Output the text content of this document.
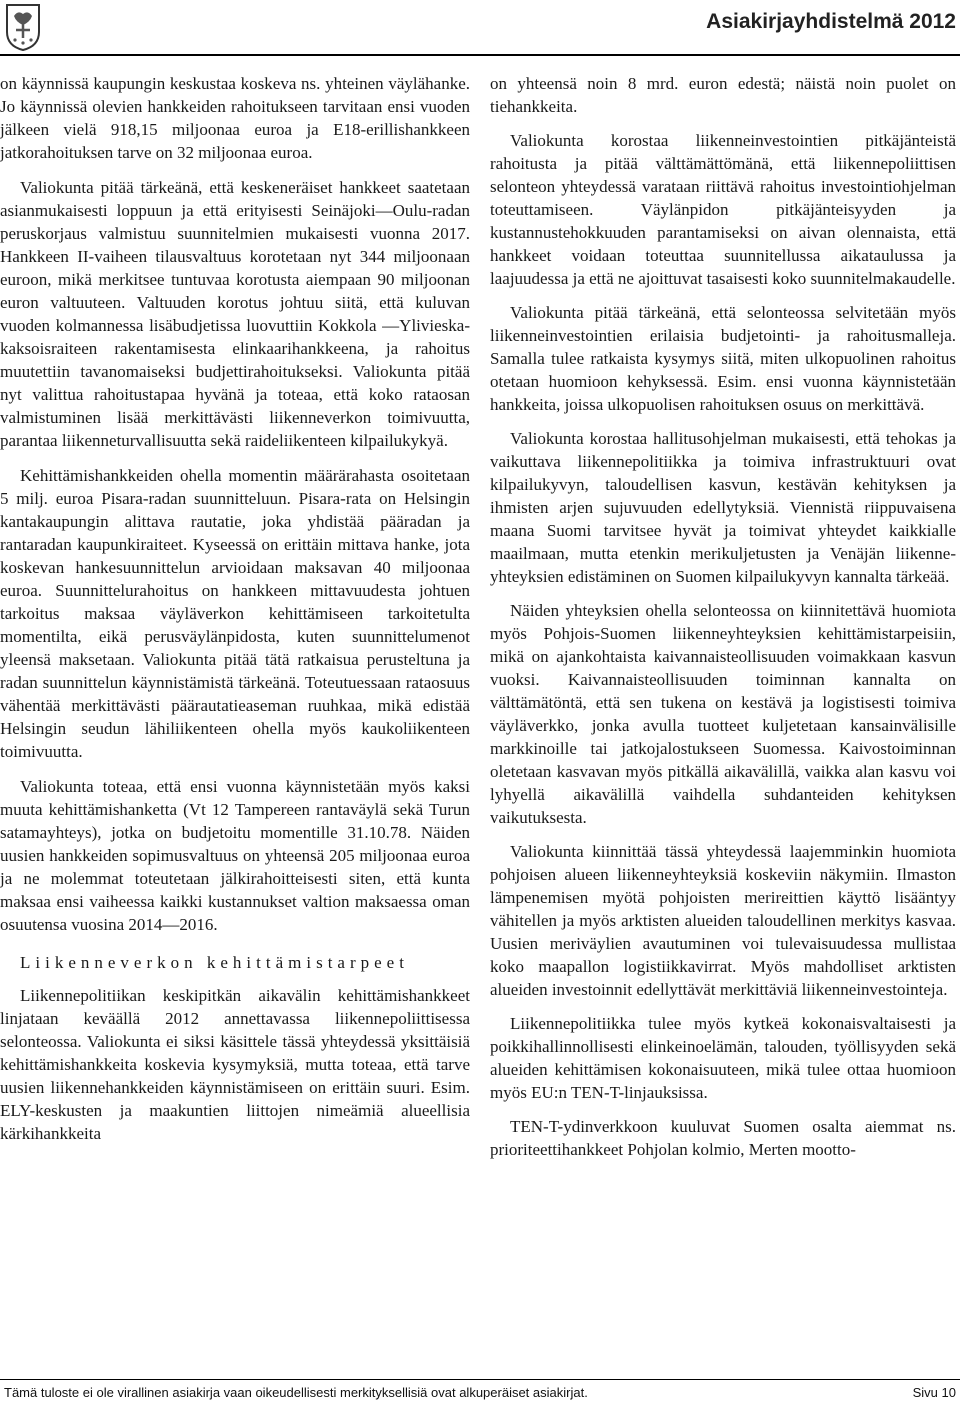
Asiakirjayhdistelmä 2012

on käynnissä kaupungin keskustaa koskeva ns. yhteinen väylähanke. Jo käynnissä olevien hankkeiden rahoitukseen tarvitaan ensi vuoden jälkeen vielä 918,15 miljoonaa euroa ja E18-erillishankkeen jatkorahoituksen tarve on 32 miljoonaa euroa.

Valiokunta pitää tärkeänä, että keskeneräiset hankkeet saatetaan asianmukaisesti loppuun ja että erityisesti Seinäjoki—Oulu-radan peruskorjaus valmistuu suunnitelmien mukaisesti vuonna 2017. Hankkeen II-vaiheen tilausvaltuus korotetaan nyt 344 miljoonaan euroon, mikä merkitsee tuntuvaa korotusta aiempaan 90 miljoonan euron valtuuteen. Valtuuden korotus johtuu siitä, että kuluvan vuoden kolmannessa lisäbudjetissa luovuttiin Kokkola —Ylivieska-kaksoisraiteen rakentamisesta elinkaarihankkeena, ja rahoitus muutettiin tavanomaiseksi budjettirahoitukseksi. Valiokunta pitää nyt valittua rahoitustapaa hyvänä ja toteaa, että koko rataosan valmistuminen lisää merkittävästi liikenneverkon toimivuutta, parantaa liikenneturvallisuutta sekä raideliikenteen kilpailukykyä.

Kehittämishankkeiden ohella momentin määrärahasta osoitetaan 5 milj. euroa Pisara-radan suunnitteluun. Pisara-rata on Helsingin kantakaupungin alittava rautatie, joka yhdistää pääradan ja rantaradan kaupunkiraiteet. Kyseessä on erittäin mittava hanke, jota koskevan hankesuunnittelun arvioidaan maksavan 40 miljoonaa euroa. Suunnittelurahoitus on hankkeen mittavuudesta johtuen tarkoitus maksaa väyläverkon kehittämiseen tarkoitetulta momentilta, eikä perusväylänpidosta, kuten suunnittelumenot yleensä maksetaan. Valiokunta pitää tätä ratkaisua perusteltuna ja radan suunnittelun käynnistämistä tärkeänä. Toteutuessaan rataosuus vähentää merkittävästi päärautatieaseman ruuhkaa, mikä edistää Helsingin seudun lähiliikenteen ohella myös kaukoliikenteen toimivuutta.

Valiokunta toteaa, että ensi vuonna käynnistetään myös kaksi muuta kehittämishanketta (Vt 12 Tampereen rantaväylä sekä Turun satamayhteys), jotka on budjetoitu momentille 31.10.78. Näiden uusien hankkeiden sopimusvaltuus on yhteensä 205 miljoonaa euroa ja ne molemmat toteutetaan jälkirahoitteisesti siten, että kunta maksaa ensi vaiheessa kaikki kustannukset valtion maksaessa oman osuutensa vuosina 2014—2016.

Liikenneverkon kehittämistarpeet

Liikennepolitiikan keskipitkän aikavälin kehittämishankkeet linjataan keväällä 2012 annettavassa liikennepoliittisessa selonteossa. Valiokunta ei siksi käsittele tässä yhteydessä yksittäisiä kehittämishankkeita koskevia kysymyksiä, mutta toteaa, että tarve uusien liikennehankkeiden käynnistämiseen on erittäin suuri. Esim. ELY-keskusten ja maakuntien liittojen nimeämiä alueellisia kärkihankkeita

on yhteensä noin 8 mrd. euron edestä; näistä noin puolet on tiehankkeita.

Valiokunta korostaa liikenneinvestointien pitkäjänteistä rahoitusta ja pitää välttämättömänä, että liikennepoliittisen selonteon yhteydessä varataan riittävä rahoitus investointiohjelman toteuttamiseen. Väylänpidon pitkäjänteisyyden ja kustannustehokkuuden parantamiseksi on aivan olennaista, että hankkeet voidaan toteuttaa suunnitellussa aikataulussa ja laajuudessa ja että ne ajoittuvat tasaisesti koko suunnitelmakaudelle.

Valiokunta pitää tärkeänä, että selonteossa selvitetään myös liikenneinvestointien erilaisia budjetointi- ja rahoitusmalleja. Samalla tulee ratkaista kysymys siitä, miten ulkopuolinen rahoitus otetaan huomioon kehyksessä. Esim. ensi vuonna käynnistetään hankkeita, joissa ulkopuolisen rahoituksen osuus on merkittävä.

Valiokunta korostaa hallitusohjelman mukaisesti, että tehokas ja vaikuttava liikennepolitiikka ja toimiva infrastruktuuri ovat kilpailukyvyn, taloudellisen kasvun, kestävän kehityksen ja ihmisten arjen sujuvuuden edellytyksiä. Viennistä riippuvaisena maana Suomi tarvitsee hyvät ja toimivat yhteydet kaikkialle maailmaan, mutta etenkin merikuljetusten ja Venäjän liikenne-yhteyksien edistäminen on Suomen kilpailukyvyn kannalta tärkeää.

Näiden yhteyksien ohella selonteossa on kiinnitettävä huomiota myös Pohjois-Suomen liikenneyhteyksien kehittämistarpeisiin, mikä on ajankohtaista kaivannaisteollisuuden voimakkaan kasvun vuoksi. Kaivannaisteollisuuden toiminnan kannalta on välttämätöntä, että sen tukena on kestävä ja logistisesti toimiva väyläverkko, jonka avulla tuotteet kuljetetaan kansainvälisille markkinoille tai jatkojalostukseen Suomessa. Kaivostoiminnan oletetaan kasvavan myös pitkällä aikavälillä, vaikka alan kasvu voi lyhyellä aikavälillä vaihdella suhdanteiden kehityksen vaikutuksesta.

Valiokunta kiinnittää tässä yhteydessä laajemminkin huomiota pohjoisen alueen liikenneyhteyksiä koskeviin näkymiin. Ilmaston lämpenemisen myötä pohjoisten merireittien käyttö lisääntyy vähitellen ja myös arktisten alueiden taloudellinen merkitys kasvaa. Uusien meriväylien avautuminen voi tulevaisuudessa mullistaa koko maapallon logistiikkavirrat. Myös mahdolliset arktisten alueiden investoinnit edellyttävät merkittäviä liikenneinvestointeja.

Liikennepolitiikka tulee myös kytkeä kokonaisvaltaisesti ja poikkihallinnollisesti elinkeinoelämän, talouden, työllisyyden sekä alueiden kehittämisen kokonaisuuteen, mikä tulee ottaa huomioon myös EU:n TEN-T-linjauksissa.

TEN-T-ydinverkkoon kuuluvat Suomen osalta aiemmat ns. prioriteettihankkeet Pohjolan kolmio, Merten mootto-

Tämä tuloste ei ole virallinen asiakirja vaan oikeudellisesti merkityksellisiä ovat alkuperäiset asiakirjat.	Sivu 10
